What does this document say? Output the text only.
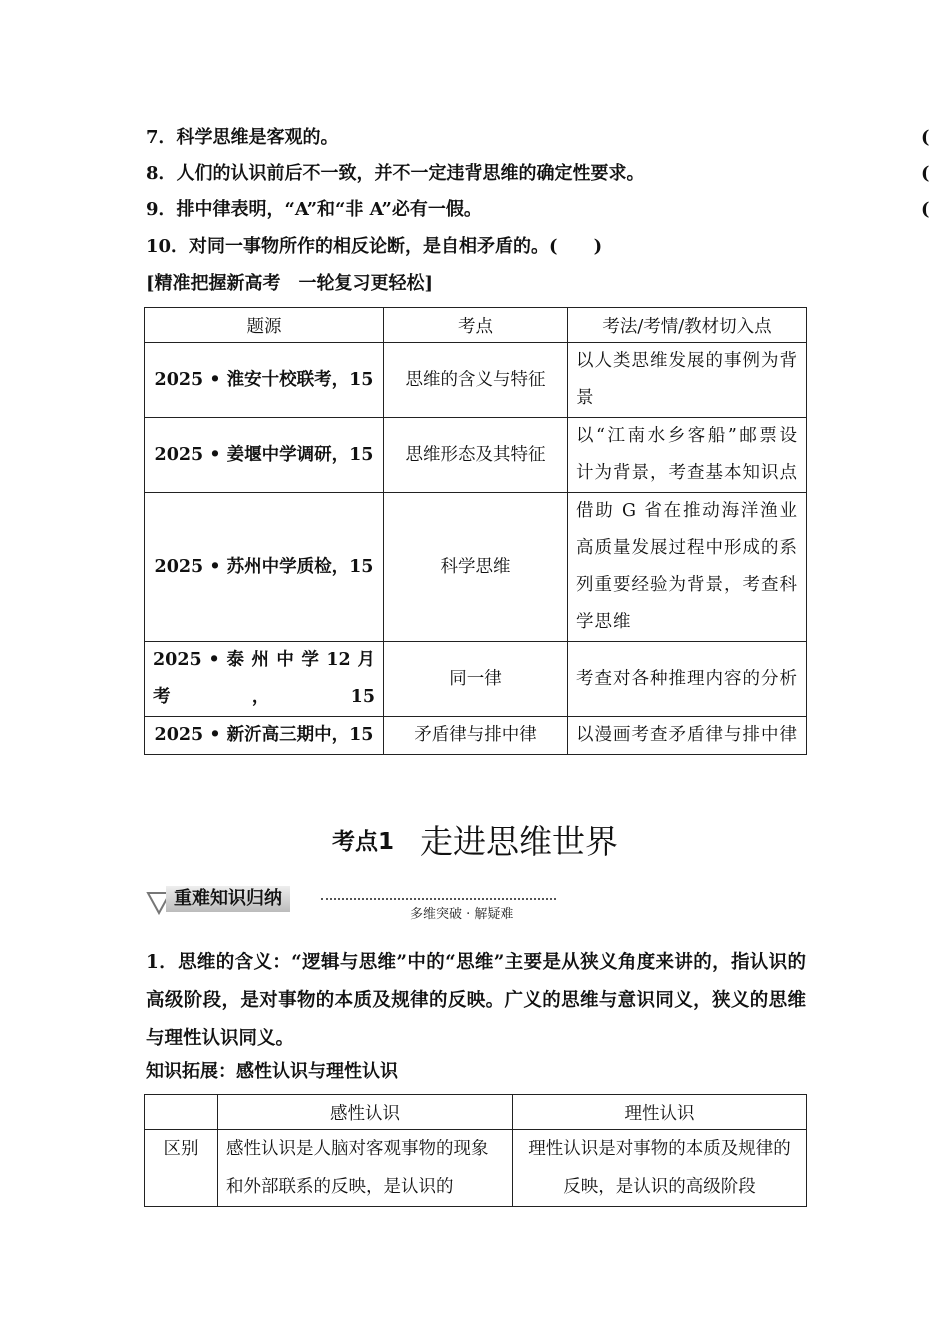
7．科学思维是客观的。	(
8．人们的认识前后不一致，并不一定违背思维的确定性要求。	(
9．排中律表明，“A”和“非 A”必有一假。	(
10．对同一事物所作的相反论断，是自相矛盾的。(　　)
[精准把握新高考　一轮复习更轻松]
题源	考点	考法/考情/教材切入点
2025 • 淮安十校联考，15	思维的含义与特征	以人类思维发展的事例为背景
2025 • 姜堰中学调研，15	思维形态及其特征	以“江南水乡客船”邮票设计为背景，考查基本知识点
2025 • 苏州中学质检，15	科学思维	借助 G 省在推动海洋渔业高质量发展过程中形成的系列重要经验为背景，考查科学思维
2025 • 泰 州 中 学 12 月考，15	同一律	考查对各种推理内容的分析
2025 • 新沂高三期中，15	矛盾律与排中律	以漫画考查矛盾律与排中律
考点1 走进思维世界
重难知识归纳
多维突破 · 解疑难
1．思维的含义：“逻辑与思维”中的“思维”主要是从狭义角度来讲的，指认识的高级阶段，是对事物的本质及规律的反映。广义的思维与意识同义，狭义的思维与理性认识同义。
知识拓展：感性认识与理性认识
	感性认识	理性认识
区别	感性认识是人脑对客观事物的现象和外部联系的反映，是认识的	理性认识是对事物的本质及规律的反映，是认识的高级阶段
